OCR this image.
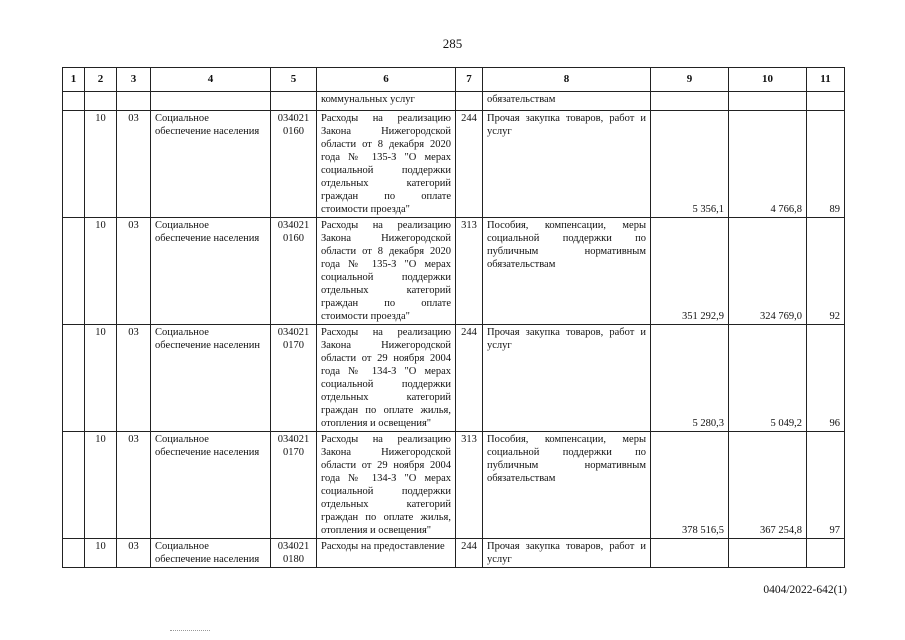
285
1	2	3	4	5	6	7	8	9	10	11
					коммунальных услуг		обязательствам			
	10	03	Социальное обеспечение населения	034021 0160	Расходы на реализацию Закона Нижегородской области от 8 декабря 2020 года № 135-З "О мерах социальной поддержки отдельных категорий граждан по оплате стоимости проезда"	244	Прочая закупка товаров, работ и услуг	5 356,1	4 766,8	89
	10	03	Социальное обеспечение населения	034021 0160	Расходы на реализацию Закона Нижегородской области от 8 декабря 2020 года № 135-З "О мерах социальной поддержки отдельных категорий граждан по оплате стоимости проезда"	313	Пособия, компенсации, меры социальной поддержки по публичным нормативным обязательствам	351 292,9	324 769,0	92
	10	03	Социальное обеспечение населенин	034021 0170	Расходы на реализацию Закона Нижегородской области от 29 ноября 2004 года № 134-З "О мерах социальной поддержки отдельных категорий граждан по оплате жилья, отопления и освещения"	244	Прочая закупка товаров, работ и услуг	5 280,3	5 049,2	96
	10	03	Социальное обеспечение населения	034021 0170	Расходы на реализацию Закона Нижегородской области от 29 ноября 2004 года № 134-З "О мерах социальной поддержки отдельных категорий граждан по оплате жилья, отопления и освещения"	313	Пособия, компенсации, меры социальной поддержки по публичным нормативным обязательствам	378 516,5	367 254,8	97
	10	03	Социальное обеспечение населения	034021 0180	Расходы на предоставление	244	Прочая закупка товаров, работ и услуг			
0404/2022-642(1)
